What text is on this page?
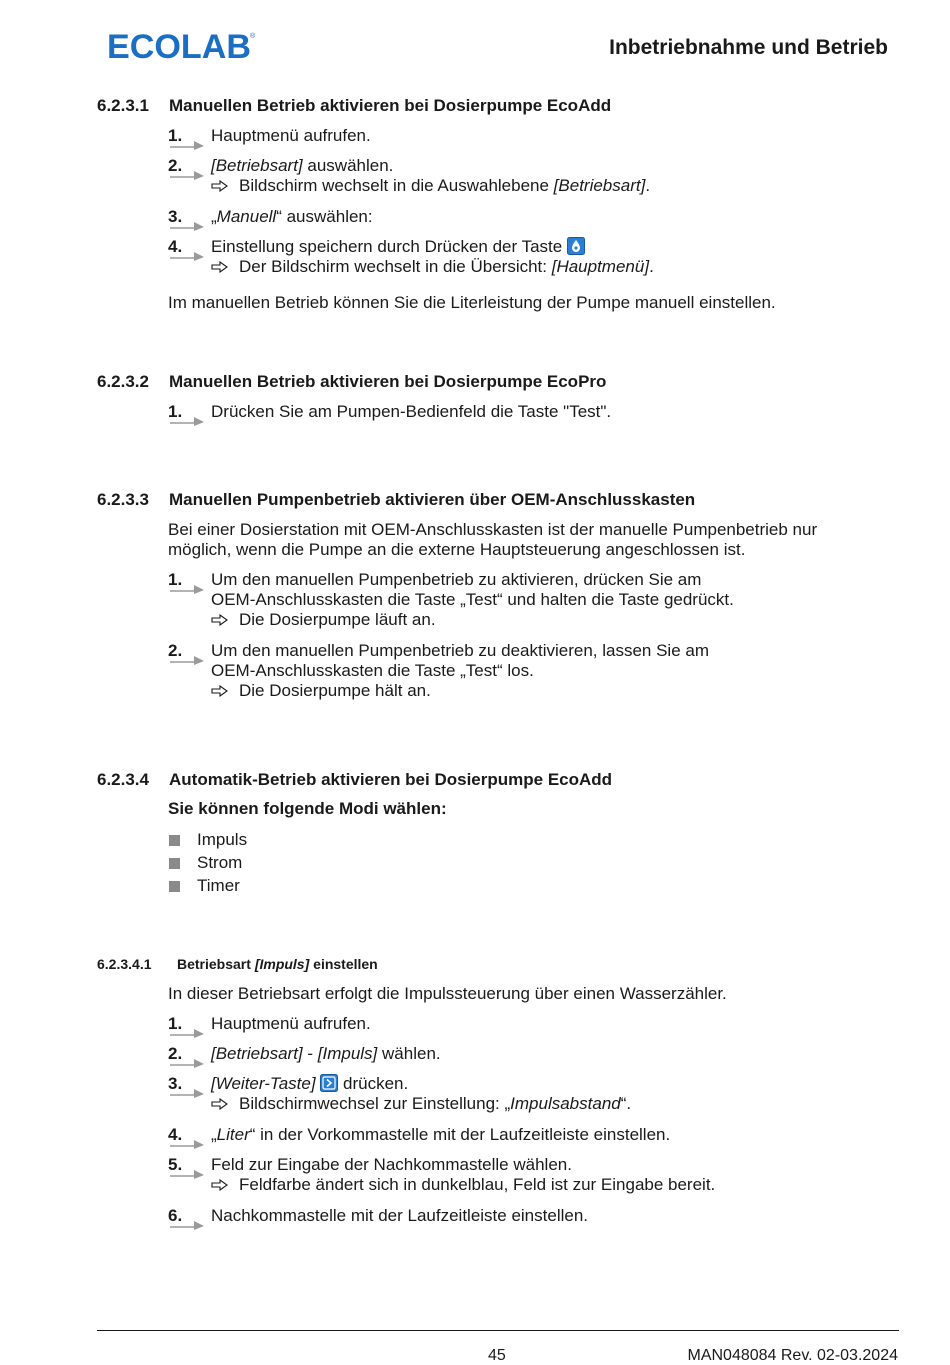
ECOLAB ®	Inbetriebnahme und Betrieb
6.2.3.1 Manuellen Betrieb aktivieren bei Dosierpumpe EcoAdd
1.	Hauptmenü aufrufen.
2.	[Betriebsart] auswählen.
Bildschirm wechselt in die Auswahlebene [Betriebsart].
3.	„Manuell“ auswählen:
4.	Einstellung speichern durch Drücken der Taste
Der Bildschirm wechselt in die Übersicht: [Hauptmenü].
Im manuellen Betrieb können Sie die Literleistung der Pumpe manuell einstellen.
6.2.3.2 Manuellen Betrieb aktivieren bei Dosierpumpe EcoPro
1.	Drücken Sie am Pumpen-Bedienfeld die Taste "Test".
6.2.3.3 Manuellen Pumpenbetrieb aktivieren über OEM-Anschlusskasten
Bei einer Dosierstation mit OEM-Anschlusskasten ist der manuelle Pumpenbetrieb nur
möglich, wenn die Pumpe an die externe Hauptsteuerung angeschlossen ist.
1.	Um den manuellen Pumpenbetrieb zu aktivieren, drücken Sie am
OEM-Anschlusskasten die Taste „Test“ und halten die Taste gedrückt.
Die Dosierpumpe läuft an.
2.	Um den manuellen Pumpenbetrieb zu deaktivieren, lassen Sie am
OEM-Anschlusskasten die Taste „Test“ los.
Die Dosierpumpe hält an.
6.2.3.4 Automatik-Betrieb aktivieren bei Dosierpumpe EcoAdd
Sie können folgende Modi wählen:
Impuls
Strom
Timer
6.2.3.4.1 Betriebsart [Impuls] einstellen
In dieser Betriebsart erfolgt die Impulssteuerung über einen Wasserzähler.
1.	Hauptmenü aufrufen.
2.	[Betriebsart] - [Impuls] wählen.
3.	[Weiter-Taste]  drücken.
Bildschirmwechsel zur Einstellung: „Impulsabstand“.
4.	„Liter“ in der Vorkommastelle mit der Laufzeitleiste einstellen.
5.	Feld zur Eingabe der Nachkommastelle wählen.
Feldfarbe ändert sich in dunkelblau, Feld ist zur Eingabe bereit.
6.	Nachkommastelle mit der Laufzeitleiste einstellen.
45	MAN048084 Rev. 02-03.2024
